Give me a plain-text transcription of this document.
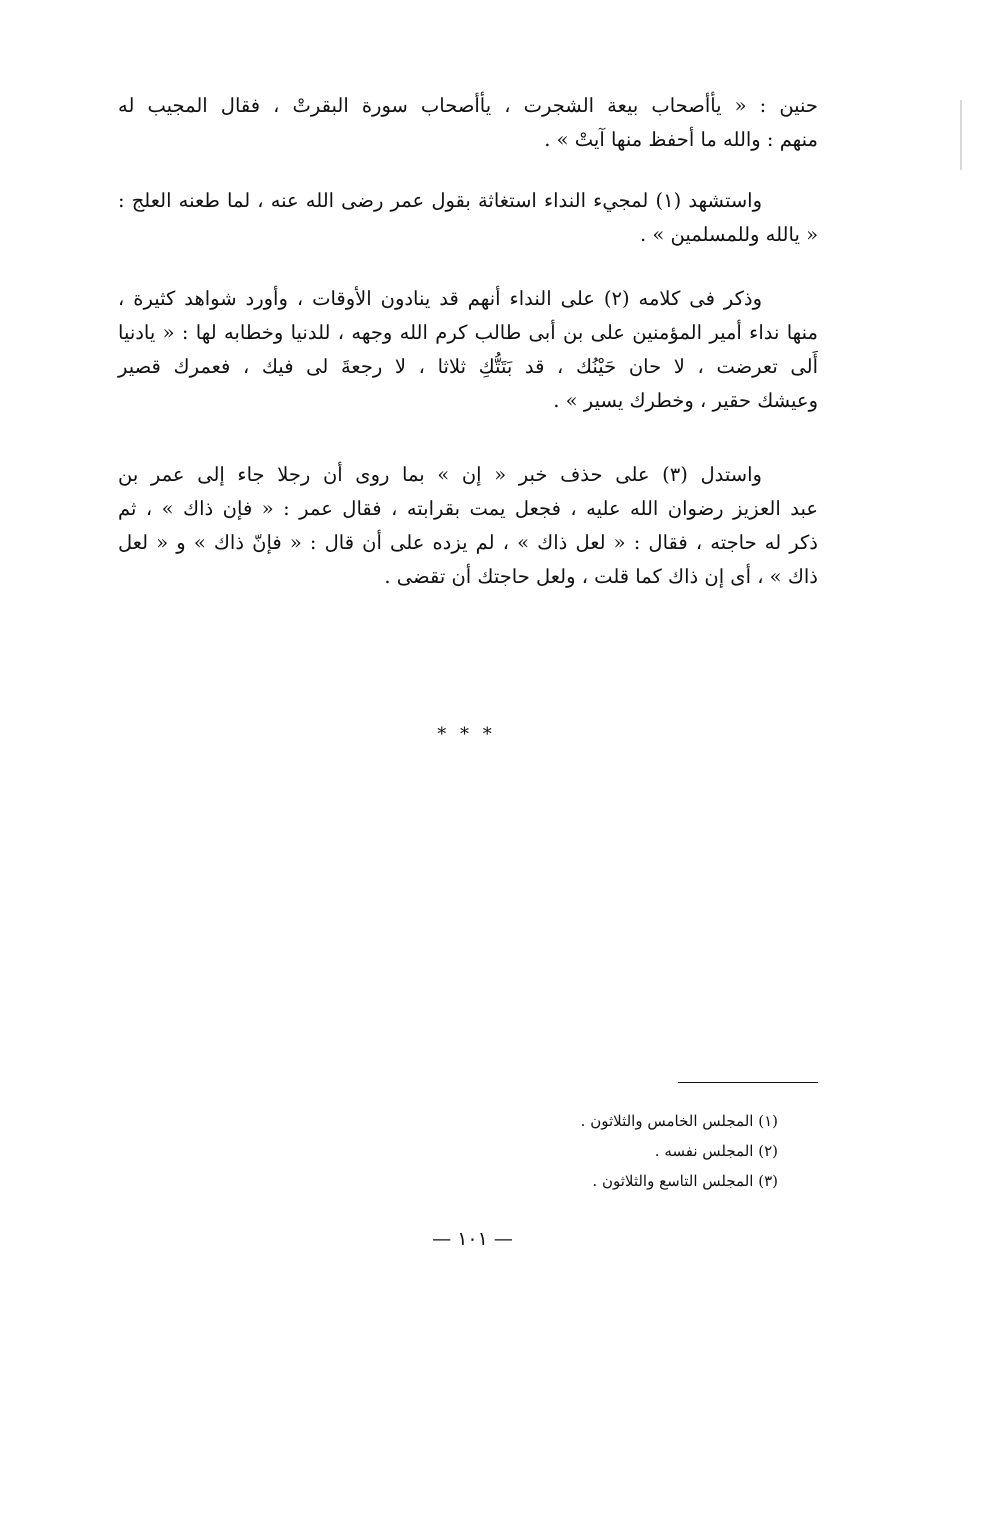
حنين : « يأأصحاب بيعة الشجرت ، يأأصحاب سورة البقرتْ ، فقال المجيب له
منهم : والله ما أحفظ منها آيتْ » .
واستشهد (١) لمجيء النداء استغاثة بقول عمر رضى الله عنه ، لما طعنه العلج :
« يالله وللمسلمين » .
وذكر فى كلامه (٢) على النداء أنهم قد ينادون الأوقات ، وأورد شواهد كثيرة ،
منها نداء أمير المؤمنين على بن أبى طالب كرم الله وجهه ، للدنيا وخطابه لها : « يادنيا
أَلى تعرضت ، لا حان حَيْنُك ، قد بَتَتُّكِ ثلاثا ، لا رجعةَ لى فيك ، فعمرك قصير
وعيشك حقير ، وخطرك يسير » .
واستدل (٣) على حذف خبر « إن » بما روى أن رجلا جاء إلى عمر بن
عبد العزيز رضوان الله عليه ، فجعل يمت بقرابته ، فقال عمر : « فإن ذاك » ، ثم
ذكر له حاجته ، فقال : « لعل ذاك » ، لم يزده على أن قال : « فإنّ ذاك » و « لعل
ذاك » ، أى إن ذاك كما قلت ، ولعل حاجتك أن تقضى .
* * *
(١) المجلس الخامس والثلاثون .
(٢) المجلس نفسه .
(٣) المجلس التاسع والثلاثون .
— ١٠١ —
